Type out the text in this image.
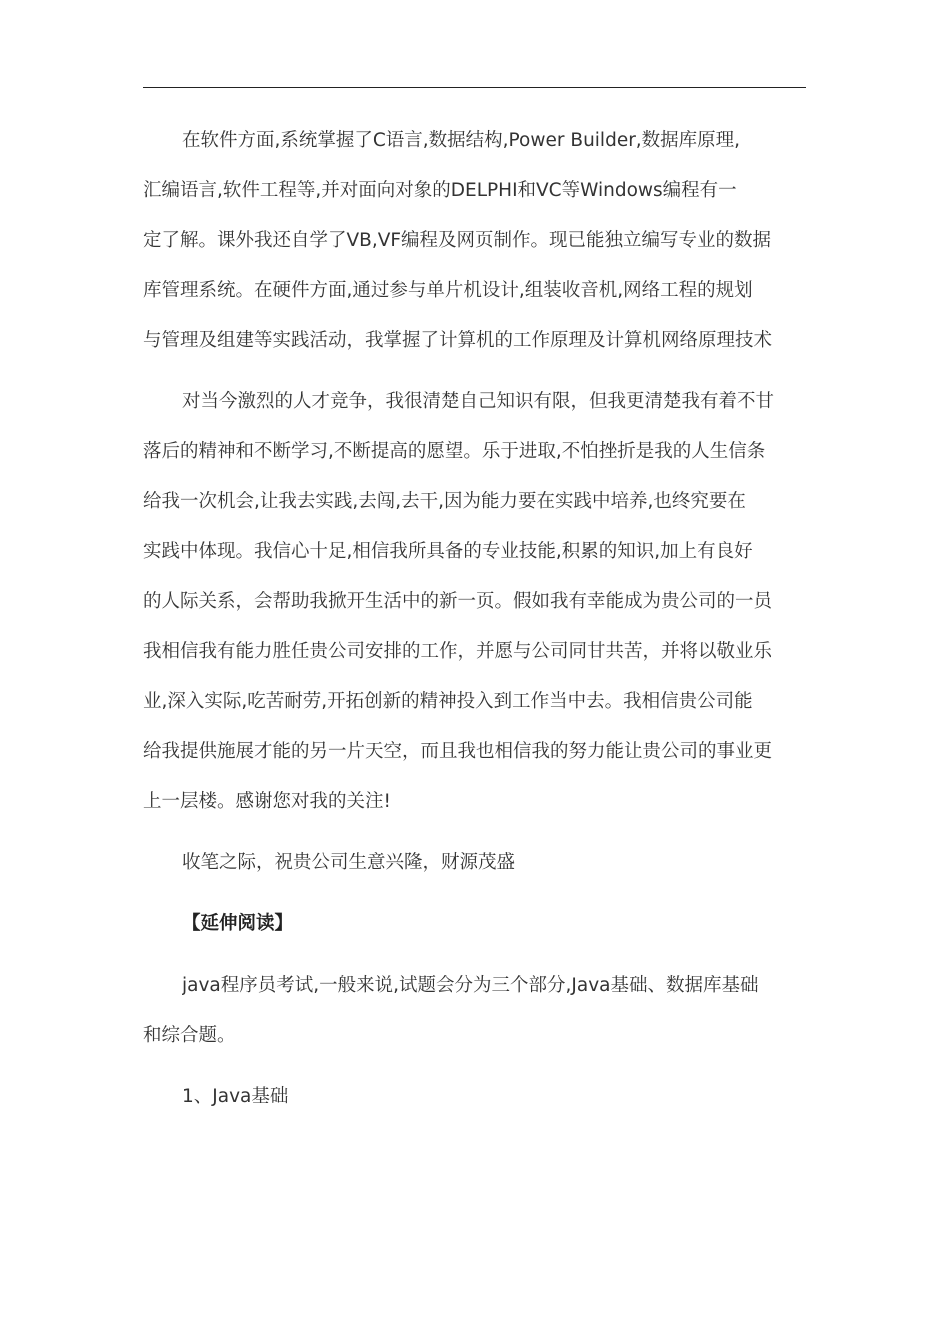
在软件方面,系统掌握了C语言,数据结构,Power Builder,数据库原理,
汇编语言,软件工程等,并对面向对象的DELPHI和VC等Windows编程有一
定了解。课外我还自学了VB,VF编程及网页制作。现已能独立编写专业的数据
库管理系统。在硬件方面,通过参与单片机设计,组装收音机,网络工程的规划
与管理及组建等实践活动，我掌握了计算机的工作原理及计算机网络原理技术
对当今激烈的人才竞争，我很清楚自己知识有限，但我更清楚我有着不甘
落后的精神和不断学习,不断提高的愿望。乐于进取,不怕挫折是我的人生信条
给我一次机会,让我去实践,去闯,去干,因为能力要在实践中培养,也终究要在
实践中体现。我信心十足,相信我所具备的专业技能,积累的知识,加上有良好
的人际关系，会帮助我掀开生活中的新一页。假如我有幸能成为贵公司的一员
我相信我有能力胜任贵公司安排的工作，并愿与公司同甘共苦，并将以敬业乐
业,深入实际,吃苦耐劳,开拓创新的精神投入到工作当中去。我相信贵公司能
给我提供施展才能的另一片天空，而且我也相信我的努力能让贵公司的事业更
上一层楼。感谢您对我的关注!
收笔之际，祝贵公司生意兴隆，财源茂盛
【延伸阅读】
java程序员考试,一般来说,试题会分为三个部分,Java基础、数据库基础
和综合题。
1、Java基础
